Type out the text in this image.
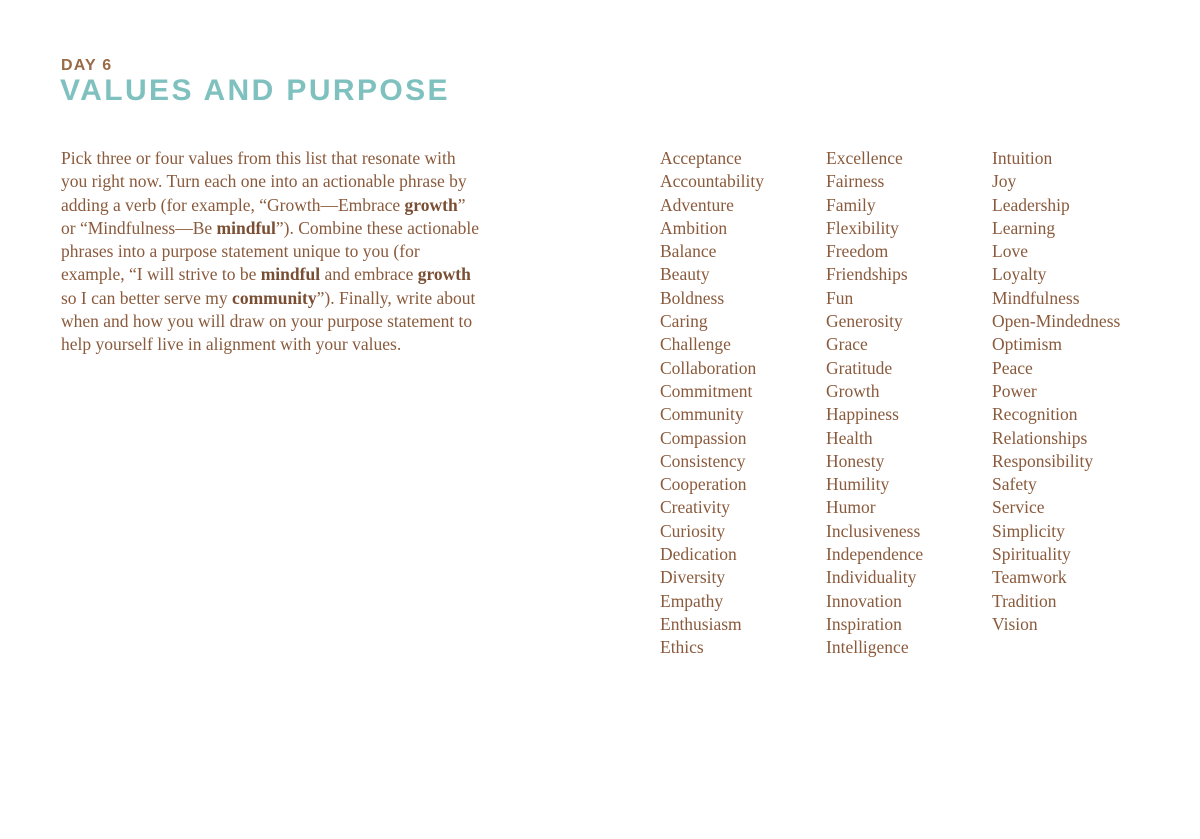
DAY 6
VALUES AND PURPOSE

Pick three or four values from this list that resonate with you right now. Turn each one into an actionable phrase by adding a verb (for example, “Growth—Embrace growth” or “Mindfulness—Be mindful”). Combine these actionable phrases into a purpose statement unique to you (for example, “I will strive to be mindful and embrace growth so I can better serve my community”). Finally, write about when and how you will draw on your purpose statement to help yourself live in alignment with your values.

Acceptance
Accountability
Adventure
Ambition
Balance
Beauty
Boldness
Caring
Challenge
Collaboration
Commitment
Community
Compassion
Consistency
Cooperation
Creativity
Curiosity
Dedication
Diversity
Empathy
Enthusiasm
Ethics
Excellence
Fairness
Family
Flexibility
Freedom
Friendships
Fun
Generosity
Grace
Gratitude
Growth
Happiness
Health
Honesty
Humility
Humor
Inclusiveness
Independence
Individuality
Innovation
Inspiration
Intelligence
Intuition
Joy
Leadership
Learning
Love
Loyalty
Mindfulness
Open-Mindedness
Optimism
Peace
Power
Recognition
Relationships
Responsibility
Safety
Service
Simplicity
Spirituality
Teamwork
Tradition
Vision
